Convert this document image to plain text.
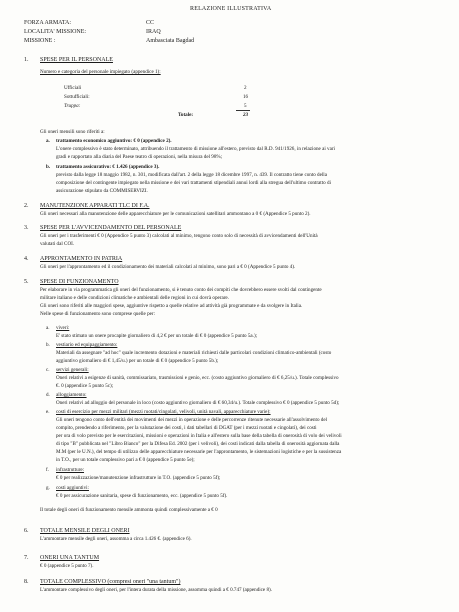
RELAZIONE ILLUSTRATIVA
FORZA ARMATA:	CC
LOCALITA' MISSIONE:	IRAQ
MISSIONE :	Ambasciata Bagdad
1. SPESE PER IL PERSONALE
Numero e categoria del personale impiegato (appendice 1):
Ufficiali	2
Sottufficiali:	16
Truppa:	5
Totale:	23
Gli oneri mensili sono riferiti a:
a. trattamento economico aggiuntivo: € 0 (appendice 2).
L'onere complessivo è stato determinato, attribuendo il trattamento di missione all'estero, previsto dal R.D. 941/1926, in relazione ai vari
gradi e rapportato alla diaria del Paese teatro di operazioni, nella misura del 98%;
b. trattamento assicurativo: € 1.426 (appendice 3).
previsto dalla legge 18 maggio 1982, n. 301, modificata dall'art. 2 della legge 18 dicembre 1997, n. 439. Il contratto tiene conto della
composizione del contingente impiegato nella missione e dei vari trattamenti stipendiali annui lordi alla stregua dell'ultimo contratto di
assicurazione stipulato da COMMISERVIZI.
2. MANUTENZIONE APPARATI TLC DI F.A.
Gli oneri necessari alla manutenzione delle apparecchiature per le comunicazioni satellitari ammontano a 0 € (Appendice 5 punto 2).
3. SPESE PER L'AVVICENDAMENTO DEL PERSONALE
Gli oneri per i trasferimenti € 0 (Appendice 5 punto 3) calcolati al minimo, tengono conto solo di necessità di avvicendamenti dell'Unità
valutati dal COI.
4. APPRONTAMENTO IN PATRIA
Gli oneri per l'approntamento ed il condizionamento dei materiali calcolati al minimo, sono pari a € 0 (Appendice 5 punto 4).
5. SPESE DI FUNZIONAMENTO
Per elaborare in via programmatica gli oneri del funzionamento, si è tenuto conto dei compiti che dovrebbero essere svolti dal contingente
militare italiano e delle condizioni climatiche e ambientali delle regioni in cui dovrà operare.
Gli oneri sono riferiti alle maggiori spese, aggiuntive rispetto a quelle relative ad attività già programmate e da svolgere in Italia.
Nelle spese di funzionamento sono comprese quelle per:
a. viveri:
E' stato stimato un onere procapite giornaliero di 4,2 € per un totale di € 0 (appendice 5 punto 5a.);
b. vestiario ed equipaggiamento:
Materiali da assegnare "ad hoc" quale incremento dotazioni e materiali richiesti dalle particolari condizioni climatico-ambientali (costo
aggiuntivo giornaliero di € 1,45/u.) per un totale di € 0 (appendice 5 punto 5b.);
c. servizi generali:
Oneri relativi a esigenze di sanità, commissariato, trasmissioni e genio, ecc. (costo aggiuntivo giornaliero di € 6,25/u.). Totale complessivo
€. 0 (appendice 5 punto 5c);
d. alloggiamento:
Oneri relativi ad alloggio del personale in loco (costo aggiuntivo giornaliero di € 60,34/u.). Totale complessivo € 0 (appendice 5 punto 5d);
e. costi di esercizio per mezzi militari (mezzi ruotati/cingolati, velivoli, unità navali, apparecchiature varie):
Gli oneri tengono conto dell'entità dei movimenti dei mezzi in operazione e delle percorrenze ritenute necessarie all'assolvimento del
compito, prendendo a riferimento, per la valutazione dei costi, i dati tabellari di DGAT (per i mezzi ruotati e cingolati), dei costi
per ora di volo previsto per le esercitazioni, missioni e operazioni in Italia e all'estero sulla base della tabella di onerosità di volo dei velivoli
di tipo "B" pubblicata nel "Libro Bianco" per la Difesa Ed. 2002 (per i velivoli), dei costi indicati dalla tabella di onerosità aggiornata dalla
M.M (per le U.N.), del tempo di utilizzo delle apparecchiature necessarie per l'approntamento, le sistemazioni logistiche e per la sussistenza
in T.O., per un totale complessivo pari a € 0 (appendice 5 punto 5e);
f. infrastrutture:
€ 0 per realizzazione/manutenzione infrastrutture in T.O. (appendice 5 punto 5f);
g. costi aggiuntivi:
€ 0 per assicurazione sanitaria, spese di funzionamento, ecc. (appendice 5 punto 5f).
Il totale degli oneri di funzionamento mensile ammonta quindi complessivamente a € 0
6. TOTALE MENSILE DEGLI ONERI
L'ammontare mensile degli oneri, assomma a circa 1.426 €. (appendice 6).
7. ONERI UNA TANTUM
€ 0 (appendice 5 punto 7).
8. TOTALE COMPLESSIVO (compresi oneri "una tantum")
L'ammontare complessivo degli oneri, per l'intera durata della missione, assomma quindi a € 0.747 (appendice 8).
